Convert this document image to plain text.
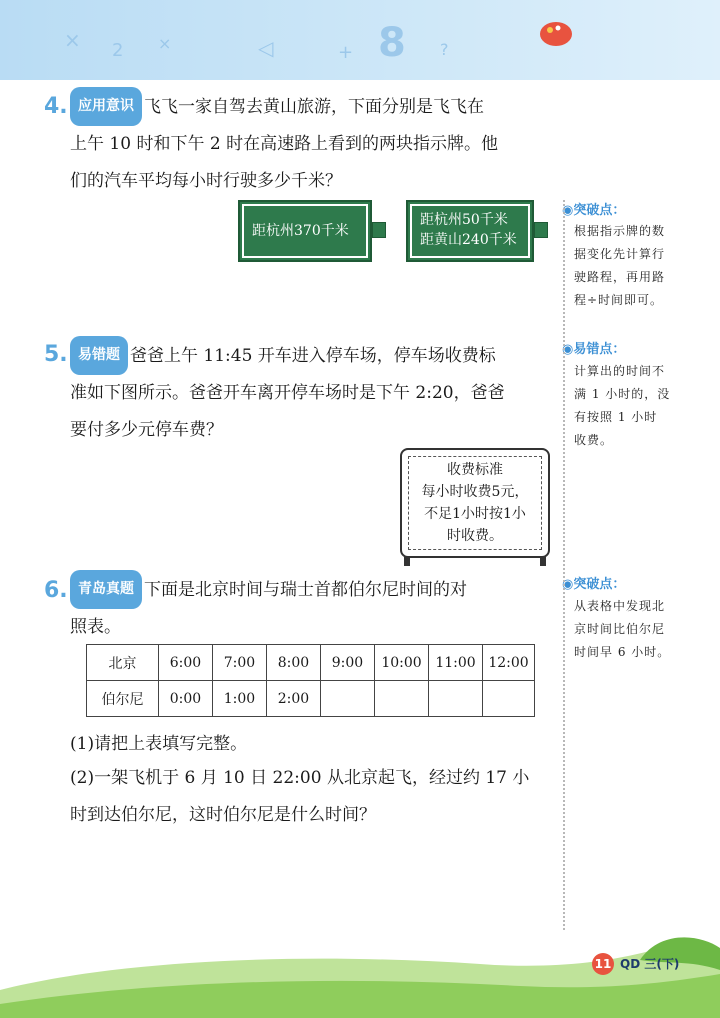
× 2 ×	◁	8
+	?
4. 应用意识 飞飞一家自驾去黄山旅游，下面分别是飞飞在
上午 10 时和下午 2 时在高速路上看到的两块指示牌。他
们的汽车平均每小时行驶多少千米？
距杭州370千米
距杭州50千米
距黄山240千米
◉突破点：
根据指示牌的数
据变化先计算行
驶路程，再用路
程÷时间即可。
5. 易错题 爸爸上午 11:45 开车进入停车场，停车场收费标
准如下图所示。爸爸开车离开停车场时是下午 2:20，爸爸
要付多少元停车费？
◉易错点：
计算出的时间不
满 1 小时的，没
有按照 1 小时
收费。
收费标准
每小时收费5元，
不足1小时按1小
时收费。
6. 青岛真题 下面是北京时间与瑞士首都伯尔尼时间的对
照表。
◉突破点：
从表格中发现北
京时间比伯尔尼
时间早 6 小时。
北京	6:00	7:00	8:00	9:00	10:00	11:00	12:00
伯尔尼	0:00	1:00	2:00				
(1)请把上表填写完整。
(2)一架飞机于 6 月 10 日 22:00 从北京起飞，经过约 17 小
时到达伯尔尼，这时伯尔尼是什么时间？
11 QD 三(下)
